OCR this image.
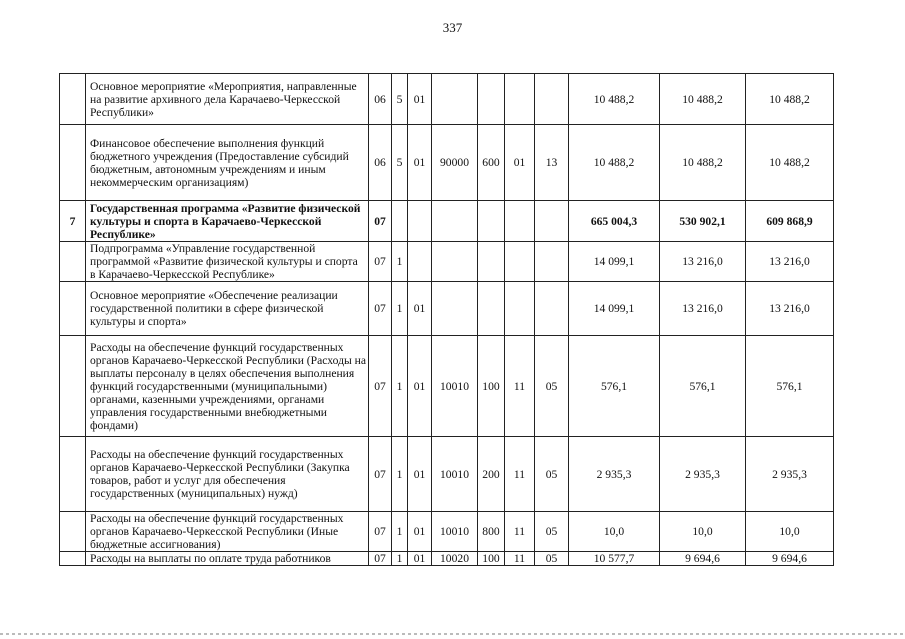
337
	Основное мероприятие «Мероприятия, направленные на развитие архивного дела Карачаево-Черкесской Республики»	06	5	01					10 488,2	10 488,2	10 488,2
	Финансовое обеспечение выполнения функций бюджетного учреждения (Предоставление субсидий бюджетным, автономным учреждениям и иным некоммерческим организациям)	06	5	01	90000	600	01	13	10 488,2	10 488,2	10 488,2
7	Государственная программа «Развитие физической культуры и спорта в Карачаево-Черкесской Республике»	07							665 004,3	530 902,1	609 868,9
	Подпрограмма «Управление государственной программой «Развитие физической культуры и спорта в Карачаево-Черкесской Республике»	07	1						14 099,1	13 216,0	13 216,0
	Основное мероприятие «Обеспечение реализации государственной политики в сфере физической культуры и спорта»	07	1	01					14 099,1	13 216,0	13 216,0
	Расходы на обеспечение функций государственных органов Карачаево-Черкесской Республики (Расходы на выплаты персоналу в целях обеспечения выполнения функций государственными (муниципальными) органами, казенными учреждениями, органами управления государственными внебюджетными фондами)	07	1	01	10010	100	11	05	576,1	576,1	576,1
	Расходы на обеспечение функций государственных органов Карачаево-Черкесской Республики (Закупка товаров, работ и услуг для обеспечения государственных (муниципальных) нужд)	07	1	01	10010	200	11	05	2 935,3	2 935,3	2 935,3
	Расходы на обеспечение функций государственных органов Карачаево-Черкесской Республики (Иные бюджетные ассигнования)	07	1	01	10010	800	11	05	10,0	10,0	10,0
	Расходы на выплаты по оплате труда работников	07	1	01	10020	100	11	05	10 577,7	9 694,6	9 694,6
